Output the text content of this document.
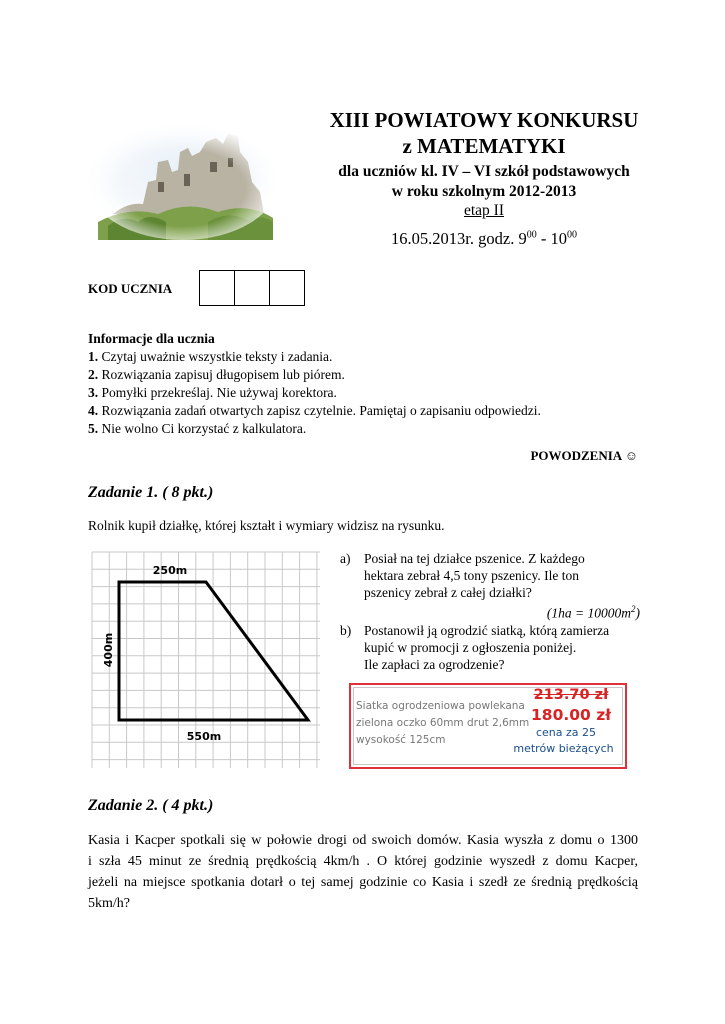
XIII POWIATOWY KONKURSU
z MATEMATYKI
dla uczniów kl. IV – VI szkół podstawowych
w roku szkolnym 2012-2013
etap II
16.05.2013r. godz. $9^{00} - 10^{00}$
KOD UCZNIA
Informacje dla ucznia
1. Czytaj uważnie wszystkie teksty i zadania.
2. Rozwiązania zapisuj długopisem lub piórem.
3. Pomyłki przekreślaj. Nie używaj korektora.
4. Rozwiązania zadań otwartych zapisz czytelnie. Pamiętaj o zapisaniu odpowiedzi.
5. Nie wolno Ci korzystać z kalkulatora.
POWODZENIA ☺
Zadanie 1. ( 8 pkt.)
Rolnik kupił działkę, której kształt i wymiary widzisz na rysunku.
250m
550m
400m
a)	Posiał na tej działce pszenice. Z każdego
hektara zebrał 4,5 tony pszenicy. Ile ton
pszenicy zebrał z całej działki?
$(1ha = 10000m^2)$
b) Postanowił ją ogrodzić siatką, którą zamierza
kupić w promocji z ogłoszenia poniżej.
Ile zapłaci za ogrodzenie?
Siatka ogrodzeniowa powlekana zielona oczko 60mm drut 2,6mm wysokość 125cm
213.70 zł
180.00 zł
cena za 25
metrów bieżących
Zadanie 2. ( 4 pkt.)
Kasia i Kacper spotkali się w połowie drogi od swoich domów. Kasia wyszła z domu o 1300
i szła 45 minut ze średnią prędkością 4km/h . O której godzinie wyszedł z domu Kacper,
jeżeli na miejsce spotkania dotarł o tej samej godzinie co Kasia i szedł ze średnią prędkością
5km/h?
